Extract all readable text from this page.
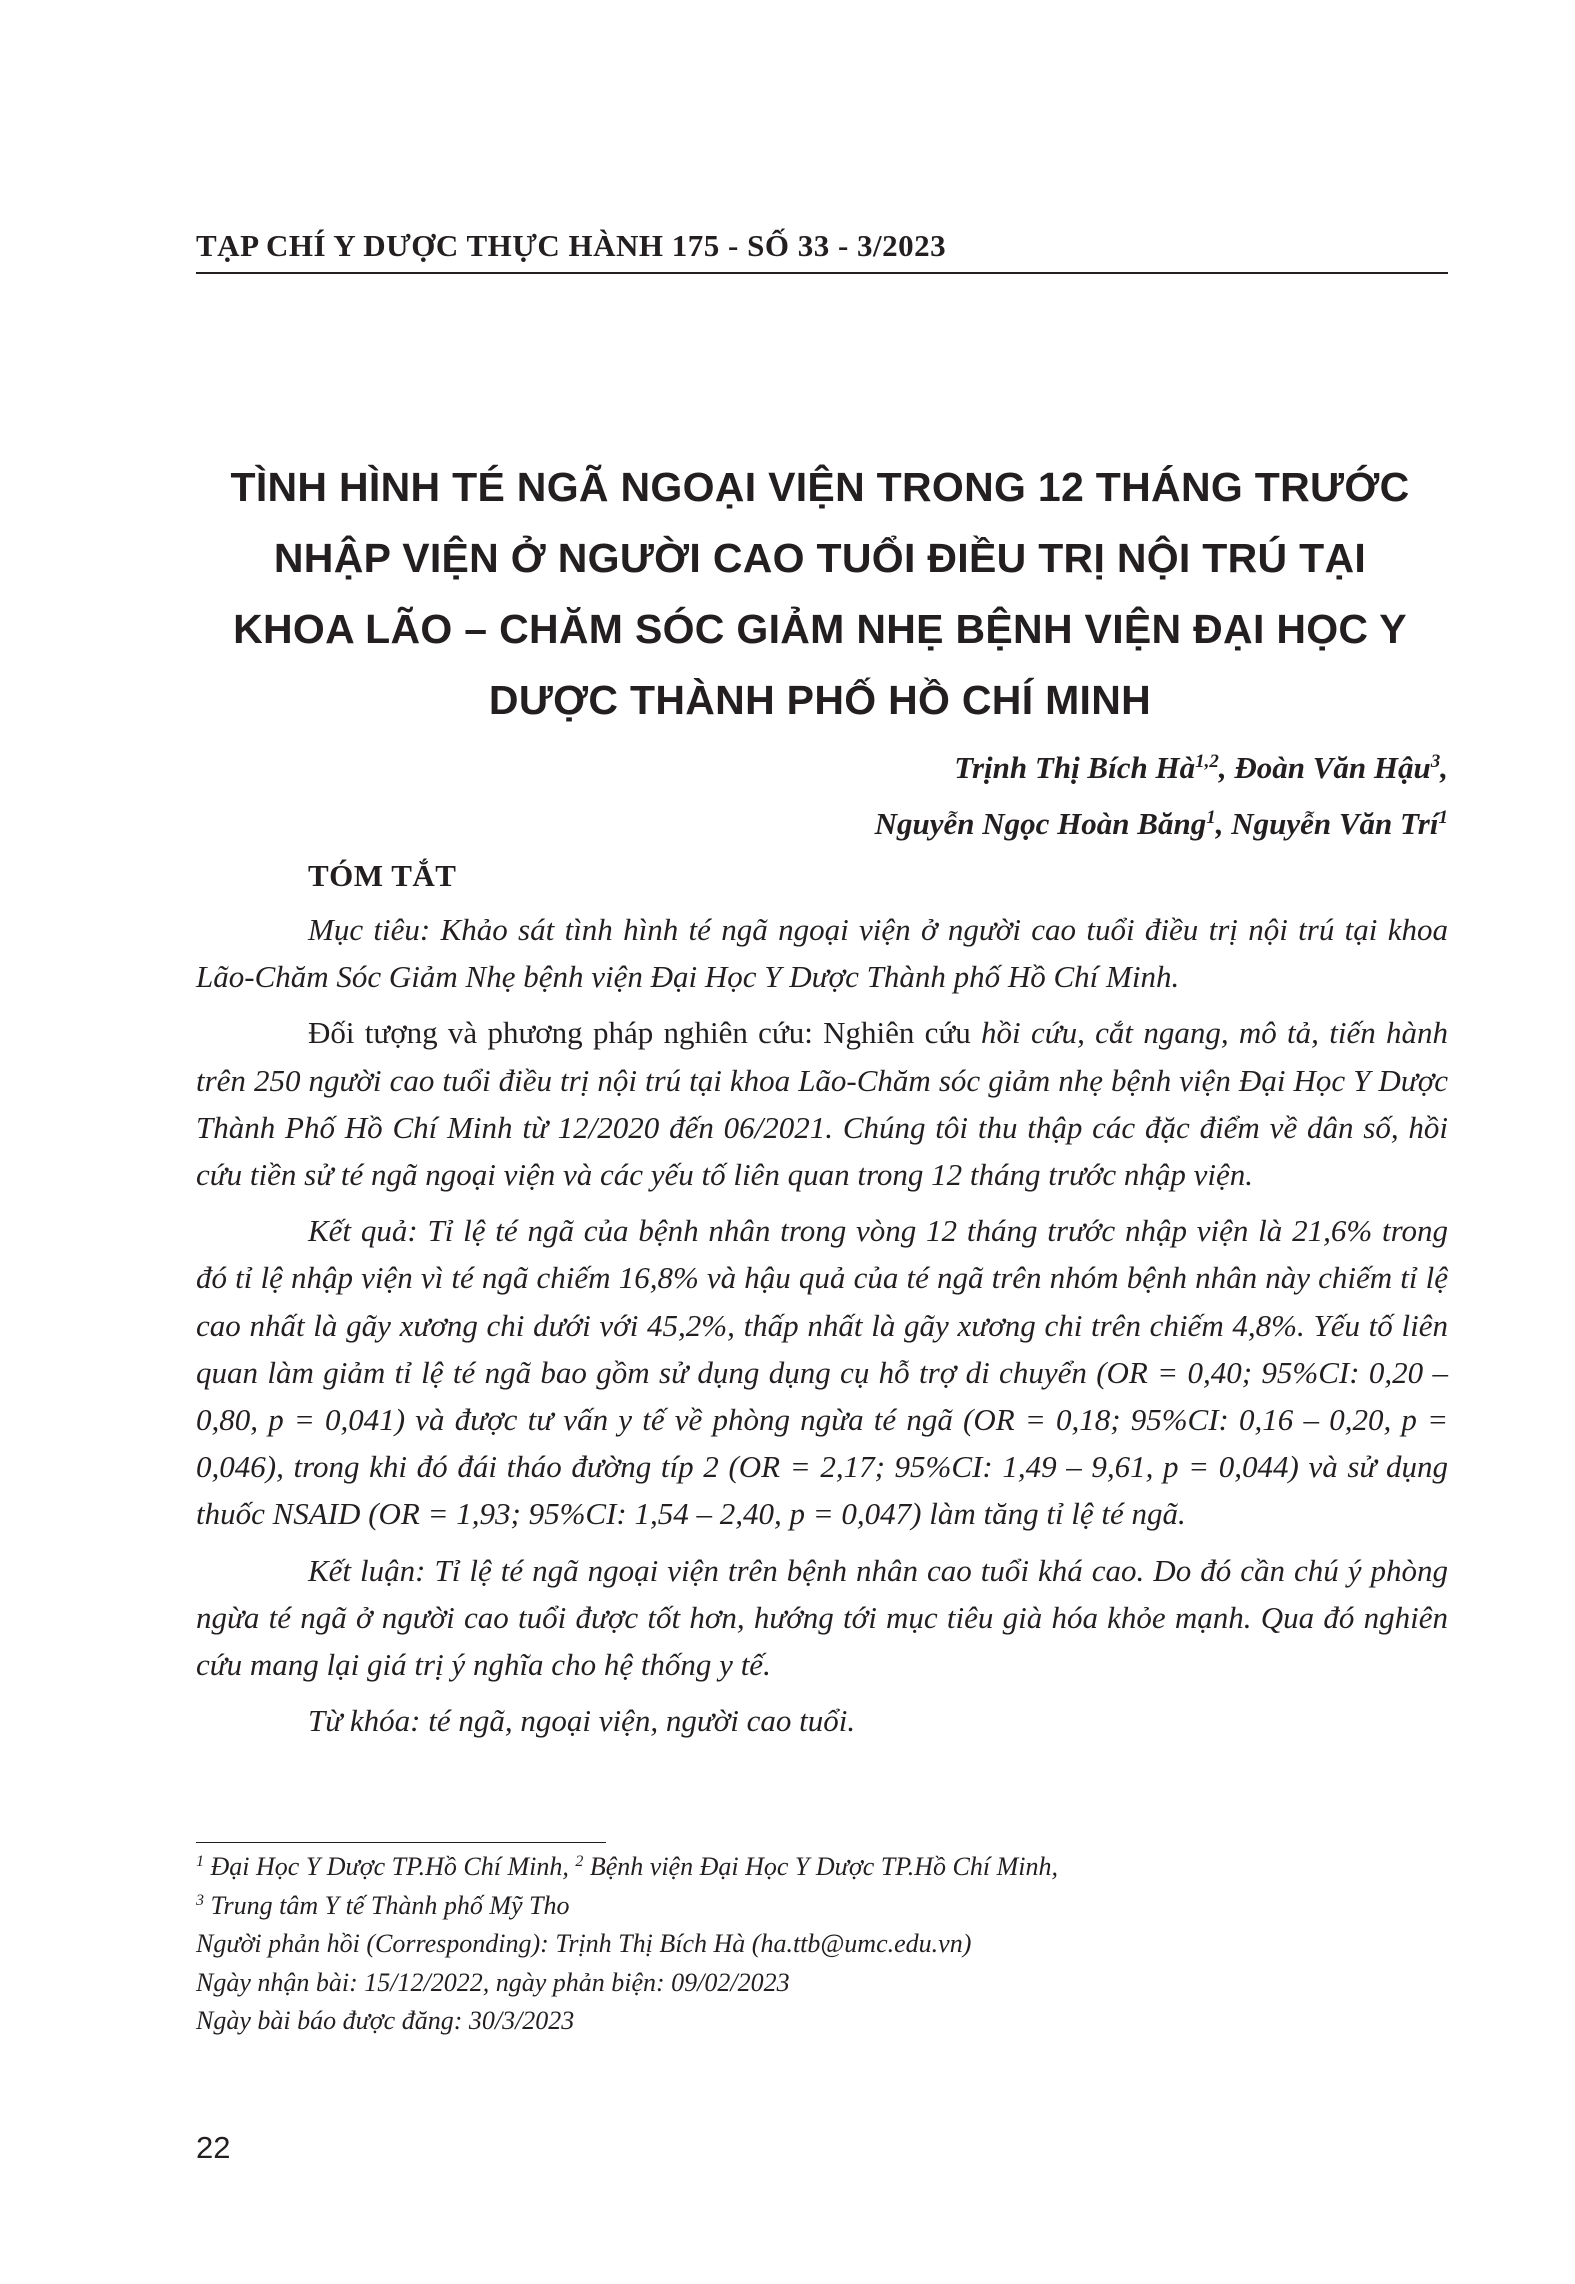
TẠP CHÍ Y DƯỢC THỰC HÀNH 175 - SỐ 33 - 3/2023
TÌNH HÌNH TÉ NGÃ NGOẠI VIỆN TRONG 12 THÁNG TRƯỚC
NHẬP VIỆN Ở NGƯỜI CAO TUỔI ĐIỀU TRỊ NỘI TRÚ TẠI
KHOA LÃO – CHĂM SÓC GIẢM NHẸ BỆNH VIỆN ĐẠI HỌC Y
DƯỢC THÀNH PHỐ HỒ CHÍ MINH
Trịnh Thị Bích Hà$^{1,2}$, Đoàn Văn Hậu$^3$,
Nguyễn Ngọc Hoàn Băng$^1$, Nguyễn Văn Trí$^1$
TÓM TẮT

Mục tiêu: Khảo sát tình hình té ngã ngoại viện ở người cao tuổi điều trị nội trú tại khoa Lão-Chăm Sóc Giảm Nhẹ bệnh viện Đại Học Y Dược Thành phố Hồ Chí Minh.

Đối tượng và phương pháp nghiên cứu: Nghiên cứu hồi cứu, cắt ngang, mô tả, tiến hành trên 250 người cao tuổi điều trị nội trú tại khoa Lão-Chăm sóc giảm nhẹ bệnh viện Đại Học Y Dược Thành Phố Hồ Chí Minh từ 12/2020 đến 06/2021. Chúng tôi thu thập các đặc điểm về dân số, hồi cứu tiền sử té ngã ngoại viện và các yếu tố liên quan trong 12 tháng trước nhập viện.

Kết quả: Tỉ lệ té ngã của bệnh nhân trong vòng 12 tháng trước nhập viện là 21,6% trong đó tỉ lệ nhập viện vì té ngã chiếm 16,8% và hậu quả của té ngã trên nhóm bệnh nhân này chiếm tỉ lệ cao nhất là gãy xương chi dưới với 45,2%, thấp nhất là gãy xương chi trên chiếm 4,8%. Yếu tố liên quan làm giảm tỉ lệ té ngã bao gồm sử dụng dụng cụ hỗ trợ di chuyển (OR = 0,40; 95%CI: 0,20 – 0,80, p = 0,041) và được tư vấn y tế về phòng ngừa té ngã (OR = 0,18; 95%CI: 0,16 – 0,20, p = 0,046), trong khi đó đái tháo đường típ 2 (OR = 2,17; 95%CI: 1,49 – 9,61, p = 0,044) và sử dụng thuốc NSAID (OR = 1,93; 95%CI: 1,54 – 2,40, p = 0,047) làm tăng tỉ lệ té ngã.

Kết luận: Tỉ lệ té ngã ngoại viện trên bệnh nhân cao tuổi khá cao. Do đó cần chú ý phòng ngừa té ngã ở người cao tuổi được tốt hơn, hướng tới mục tiêu già hóa khỏe mạnh. Qua đó nghiên cứu mang lại giá trị ý nghĩa cho hệ thống y tế.

Từ khóa: té ngã, ngoại viện, người cao tuổi.

$^1$ Đại Học Y Dược TP.Hồ Chí Minh, $^2$ Bệnh viện Đại Học Y Dược TP.Hồ Chí Minh,
$^3$ Trung tâm Y tế Thành phố Mỹ Tho
Người phản hồi (Corresponding): Trịnh Thị Bích Hà (ha.ttb@umc.edu.vn)
Ngày nhận bài: 15/12/2022, ngày phản biện: 09/02/2023
Ngày bài báo được đăng: 30/3/2023
22
